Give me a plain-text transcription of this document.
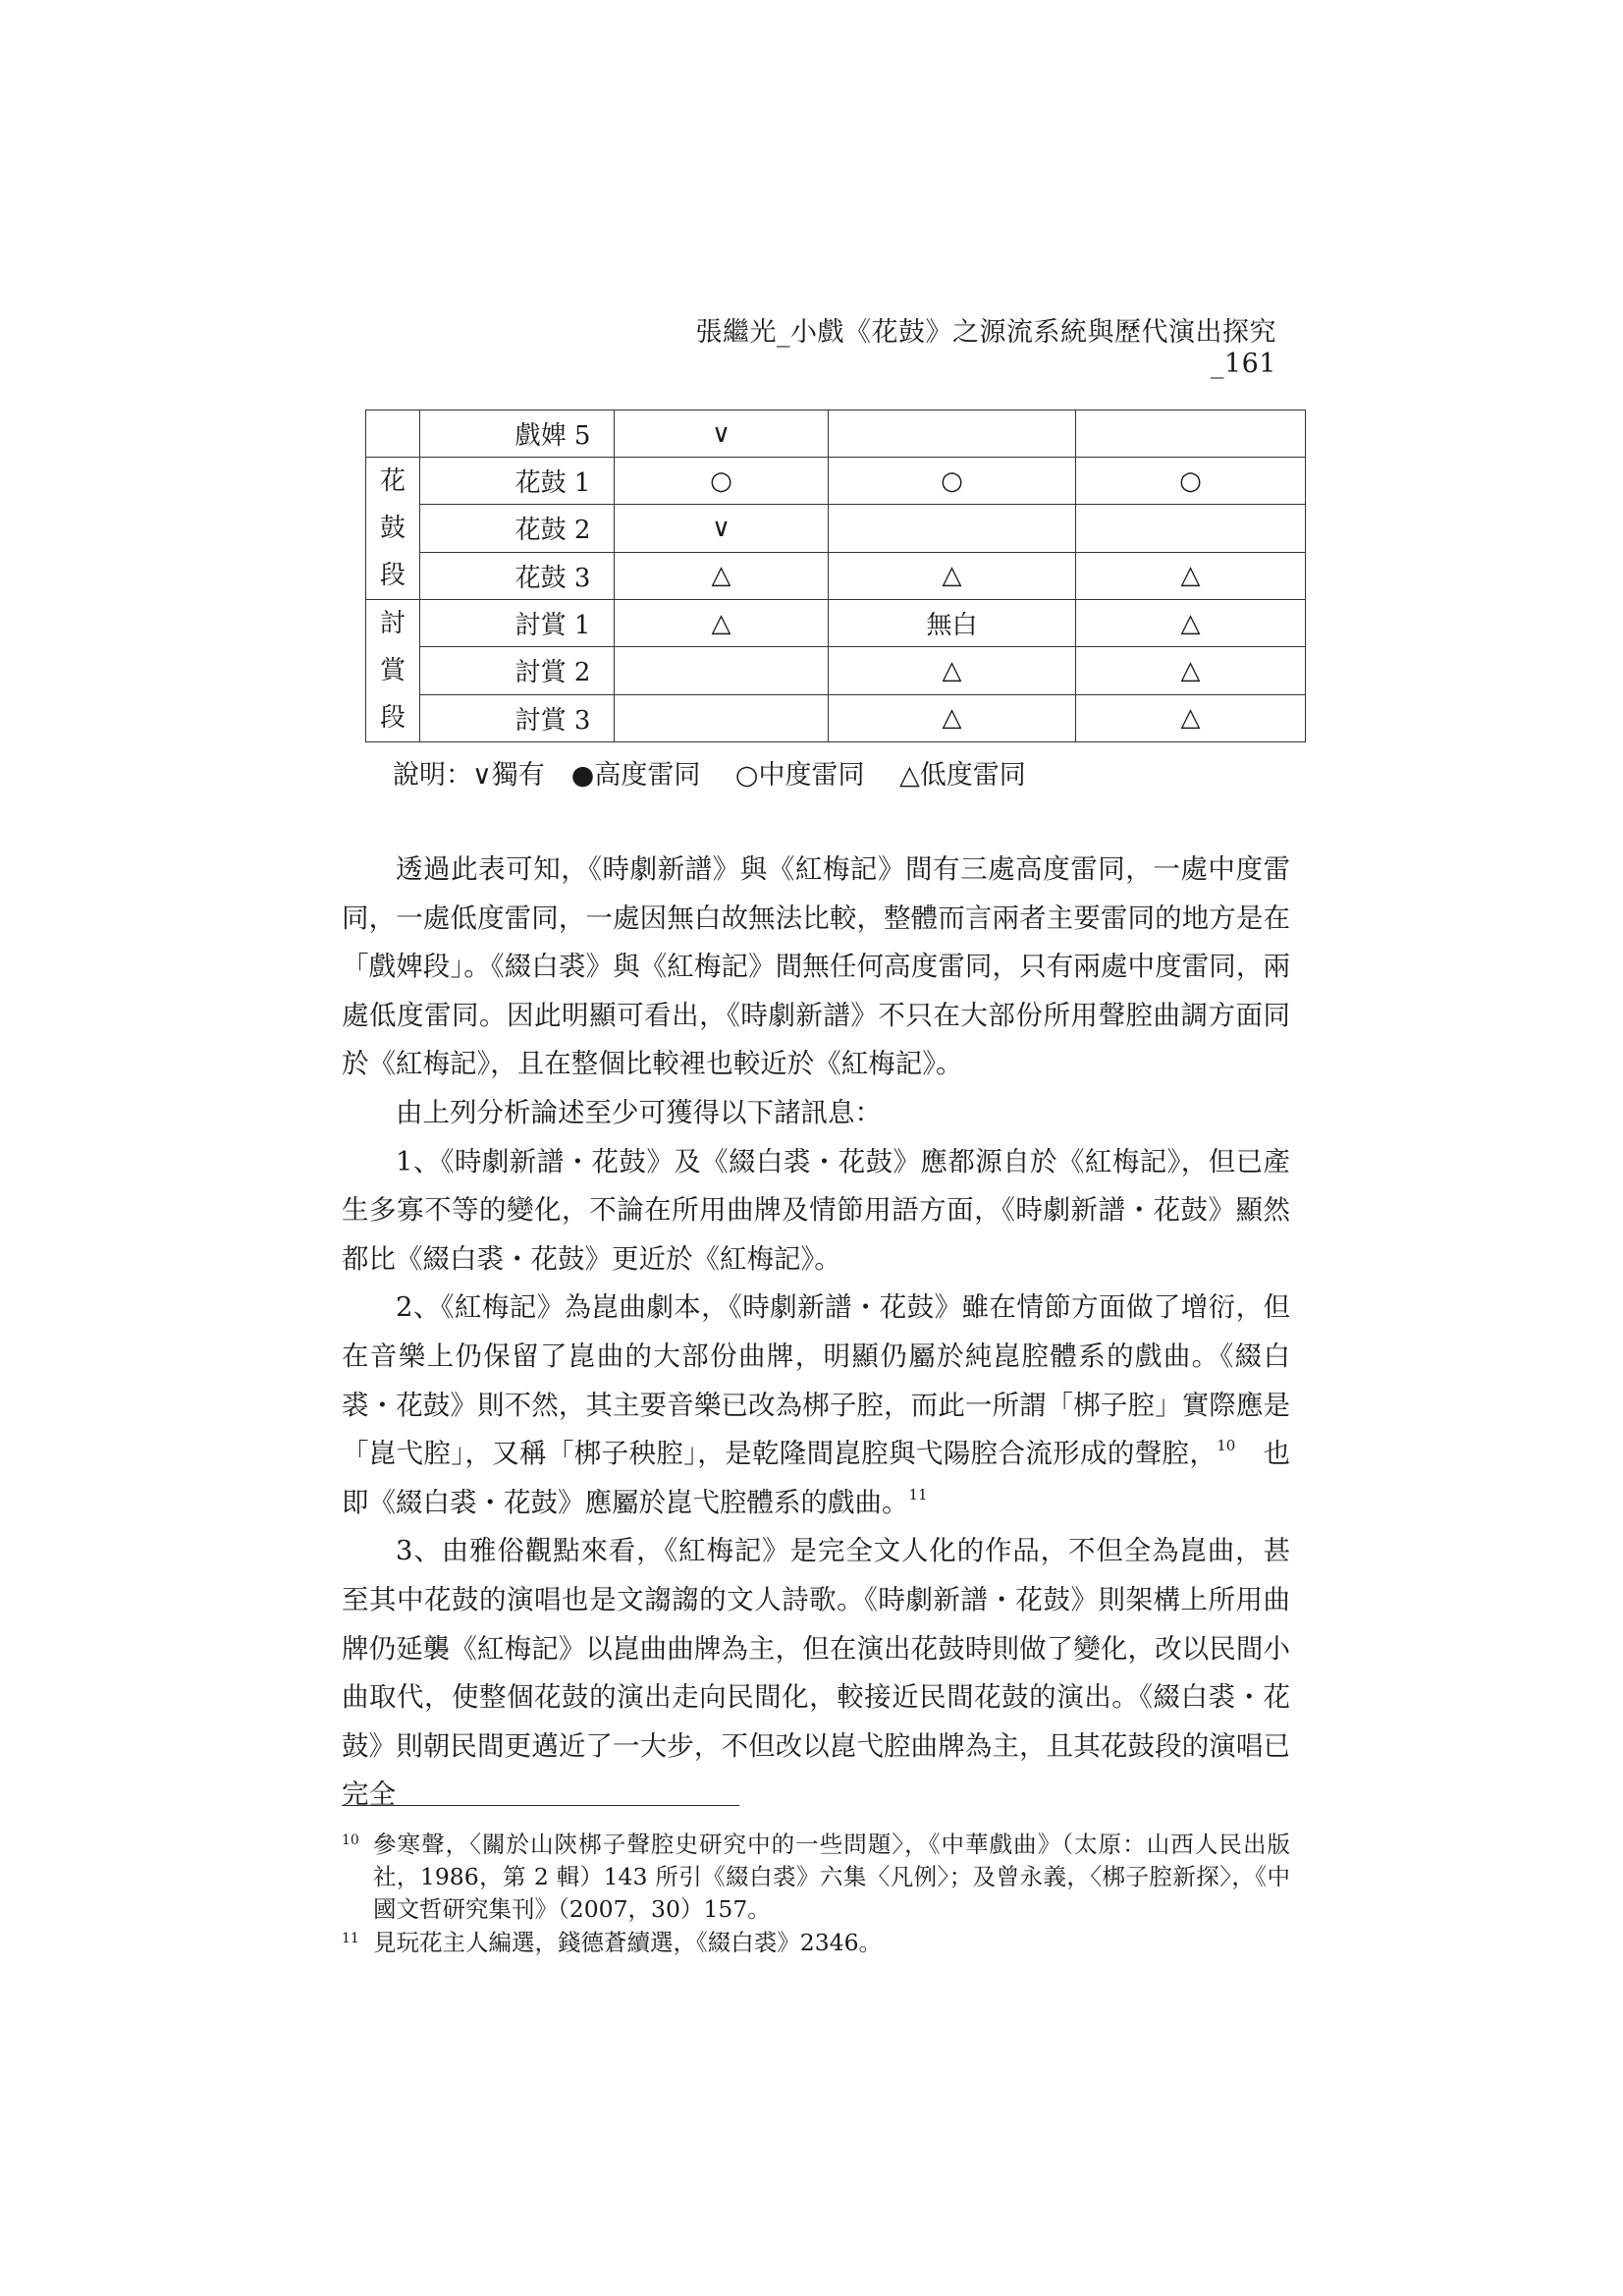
張繼光_小戲《花鼓》之源流系統與歷代演出探究_161
	戲婢 5	∨		

花
鼓
段	花鼓 1	○	○	○
	花鼓 2	∨		
	花鼓 3	△	△	△

討
賞
段	討賞 1	△	無白	△
	討賞 2		△	△
	討賞 3		△	△
說明：∨獨有　●高度雷同　 ○中度雷同　 △低度雷同

透過此表可知，《時劇新譜》與《紅梅記》間有三處高度雷同，一處中度雷同，一處低度雷同，一處因無白故無法比較，整體而言兩者主要雷同的地方是在「戲婢段」。《綴白裘》與《紅梅記》間無任何高度雷同，只有兩處中度雷同，兩處低度雷同。因此明顯可看出，《時劇新譜》不只在大部份所用聲腔曲調方面同於《紅梅記》，且在整個比較裡也較近於《紅梅記》。

由上列分析論述至少可獲得以下諸訊息：

1、《時劇新譜・花鼓》及《綴白裘・花鼓》應都源自於《紅梅記》，但已產生多寡不等的變化，不論在所用曲牌及情節用語方面，《時劇新譜・花鼓》顯然都比《綴白裘・花鼓》更近於《紅梅記》。

2、《紅梅記》為崑曲劇本，《時劇新譜・花鼓》雖在情節方面做了增衍，但在音樂上仍保留了崑曲的大部份曲牌，明顯仍屬於純崑腔體系的戲曲。《綴白裘・花鼓》則不然，其主要音樂已改為梆子腔，而此一所謂「梆子腔」實際應是「崑弋腔」，又稱「梆子秧腔」，是乾隆間崑腔與弋陽腔合流形成的聲腔，$^{10}$　 也即《綴白裘・花鼓》應屬於崑弋腔體系的戲曲。$^{11}$

3、由雅俗觀點來看，《紅梅記》是完全文人化的作品，不但全為崑曲，甚至其中花鼓的演唱也是文謅謅的文人詩歌。《時劇新譜・花鼓》則架構上所用曲牌仍延襲《紅梅記》以崑曲曲牌為主，但在演出花鼓時則做了變化，改以民間小曲取代，使整個花鼓的演出走向民間化，較接近民間花鼓的演出。《綴白裘・花鼓》則朝民間更邁近了一大步，不但改以崑弋腔曲牌為主，且其花鼓段的演唱已完全

10 參寒聲，〈關於山陝梆子聲腔史研究中的一些問題〉，《中華戲曲》（太原：山西人民出版社，1986，第 2 輯）143 所引《綴白裘》六集〈凡例〉；及曾永義，〈梆子腔新探〉，《中國文哲研究集刊》（2007，30）157。
11 見玩花主人編選，錢德蒼續選，《綴白裘》2346。
